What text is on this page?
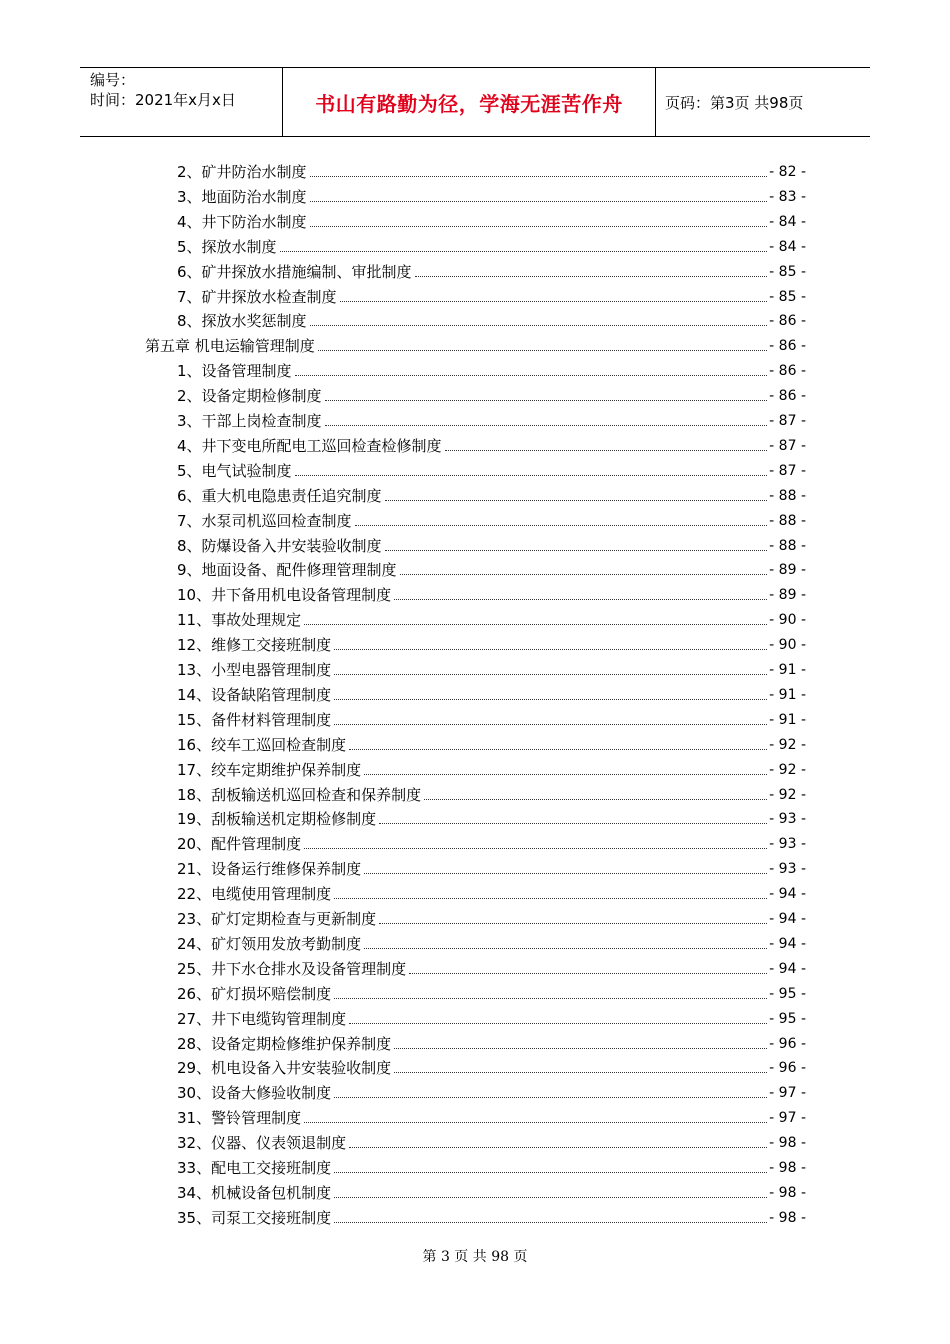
编号：
时间：2021年x月x日	书山有路勤为径，学海无涯苦作舟	页码：第3页 共98页
2、矿井防治水制度	- 82 -
3、地面防治水制度	- 83 -
4、井下防治水制度	- 84 -
5、探放水制度	- 84 -
6、矿井探放水措施编制、审批制度	- 85 -
7、矿井探放水检查制度	- 85 -
8、探放水奖惩制度	- 86 -
第五章 机电运输管理制度	- 86 -
1、设备管理制度	- 86 -
2、设备定期检修制度	- 86 -
3、干部上岗检查制度	- 87 -
4、井下变电所配电工巡回检查检修制度	- 87 -
5、电气试验制度	- 87 -
6、重大机电隐患责任追究制度	- 88 -
7、水泵司机巡回检查制度	- 88 -
8、防爆设备入井安装验收制度	- 88 -
9、地面设备、配件修理管理制度	- 89 -
10、井下备用机电设备管理制度	- 89 -
11、事故处理规定	- 90 -
12、维修工交接班制度	- 90 -
13、小型电器管理制度	- 91 -
14、设备缺陷管理制度	- 91 -
15、备件材料管理制度	- 91 -
16、绞车工巡回检查制度	- 92 -
17、绞车定期维护保养制度	- 92 -
18、刮板输送机巡回检查和保养制度	- 92 -
19、刮板输送机定期检修制度	- 93 -
20、配件管理制度	- 93 -
21、设备运行维修保养制度	- 93 -
22、电缆使用管理制度	- 94 -
23、矿灯定期检查与更新制度	- 94 -
24、矿灯领用发放考勤制度	- 94 -
25、井下水仓排水及设备管理制度	- 94 -
26、矿灯损坏赔偿制度	- 95 -
27、井下电缆钩管理制度	- 95 -
28、设备定期检修维护保养制度	- 96 -
29、机电设备入井安装验收制度	- 96 -
30、设备大修验收制度	- 97 -
31、警铃管理制度	- 97 -
32、仪器、仪表领退制度	- 98 -
33、配电工交接班制度	- 98 -
34、机械设备包机制度	- 98 -
35、司泵工交接班制度	- 98 -
第 3 页 共 98 页
